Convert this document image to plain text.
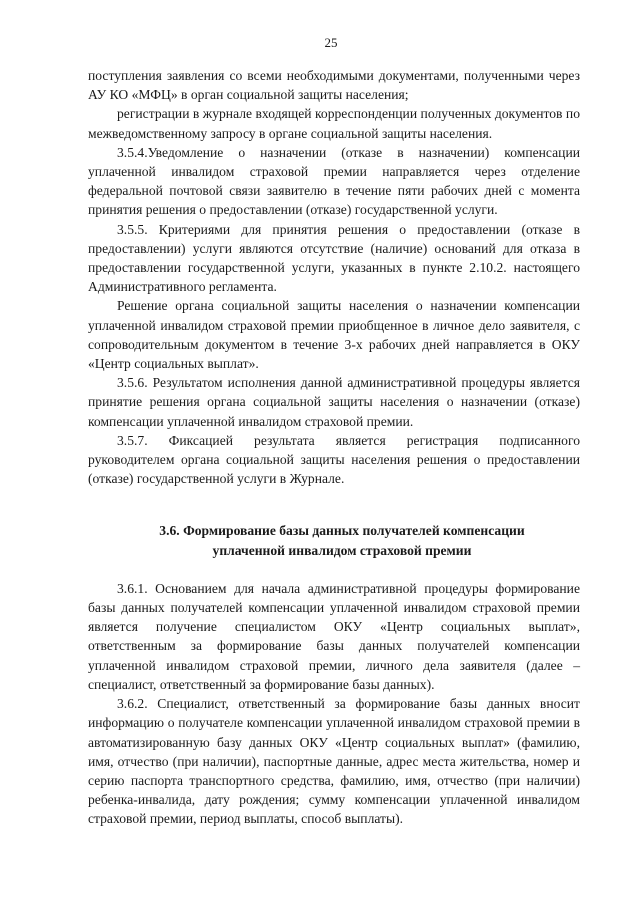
25

поступления заявления со всеми необходимыми документами, полученными через АУ КО «МФЦ» в орган социальной защиты населения;

регистрации в журнале входящей корреспонденции полученных документов по межведомственному запросу в органе социальной защиты населения.

3.5.4.Уведомление о назначении (отказе в назначении) компенсации уплаченной инвалидом страховой премии направляется через отделение федеральной почтовой связи заявителю в течение пяти рабочих дней с момента принятия решения о предоставлении (отказе) государственной услуги.

3.5.5. Критериями для принятия решения о предоставлении (отказе в предоставлении) услуги являются отсутствие (наличие) оснований для отказа в предоставлении государственной услуги, указанных в пункте 2.10.2. настоящего Административного регламента.

Решение органа социальной защиты населения о назначении компенсации уплаченной инвалидом страховой премии приобщенное в личное дело заявителя, с сопроводительным документом в течение 3-х рабочих дней направляется в ОКУ «Центр социальных выплат».

3.5.6. Результатом исполнения данной административной процедуры является принятие решения органа социальной защиты населения о назначении (отказе) компенсации уплаченной инвалидом страховой премии.

3.5.7. Фиксацией результата является регистрация подписанного руководителем органа социальной защиты населения решения о предоставлении (отказе) государственной услуги в Журнале.

3.6. Формирование базы данных получателей компенсации

уплаченной инвалидом страховой премии

3.6.1. Основанием для начала административной процедуры формирование базы данных получателей компенсации уплаченной инвалидом страховой премии является получение специалистом ОКУ «Центр социальных выплат», ответственным за формирование базы данных получателей компенсации уплаченной инвалидом страховой премии, личного дела заявителя (далее – специалист, ответственный за формирование базы данных).

3.6.2. Специалист, ответственный за формирование базы данных вносит информацию о получателе компенсации уплаченной инвалидом страховой премии в автоматизированную базу данных ОКУ «Центр социальных выплат» (фамилию, имя, отчество (при наличии), паспортные данные, адрес места жительства, номер и серию паспорта транспортного средства, фамилию, имя, отчество (при наличии) ребенка-инвалида, дату рождения; сумму компенсации уплаченной инвалидом страховой премии, период выплаты, способ выплаты).
